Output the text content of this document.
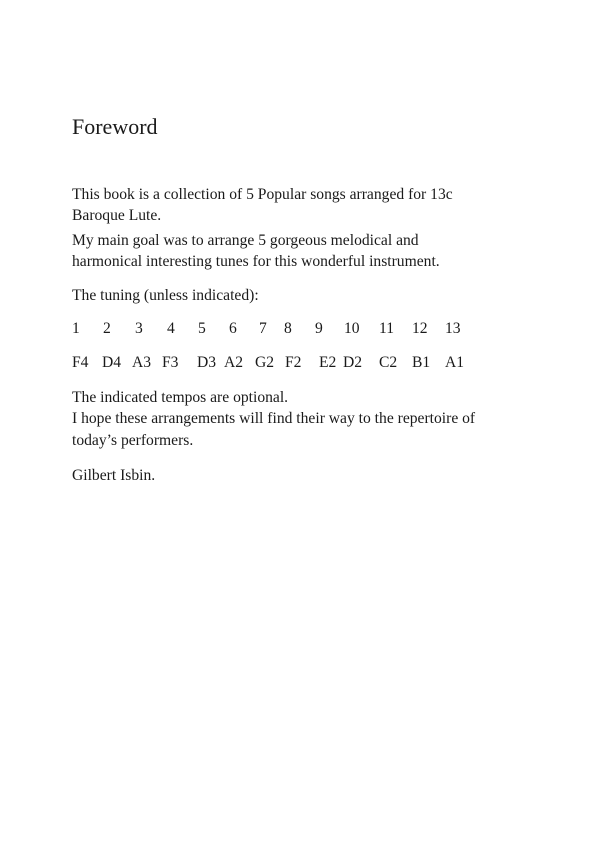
Foreword

This book is a collection of 5 Popular songs arranged for 13c

Baroque Lute.

My main goal was to arrange 5 gorgeous melodical and

harmonical interesting tunes for this wonderful instrument.

The tuning (unless indicated):

1 2 3 4 5 6 7 8 9 10 11 12 13
F4 D4 A3 F3 D3 A2 G2 F2 E2 D2 C2 B1 A1

The indicated tempos are optional.

I hope these arrangements will find their way to the repertoire of

today’s performers.

Gilbert Isbin.
